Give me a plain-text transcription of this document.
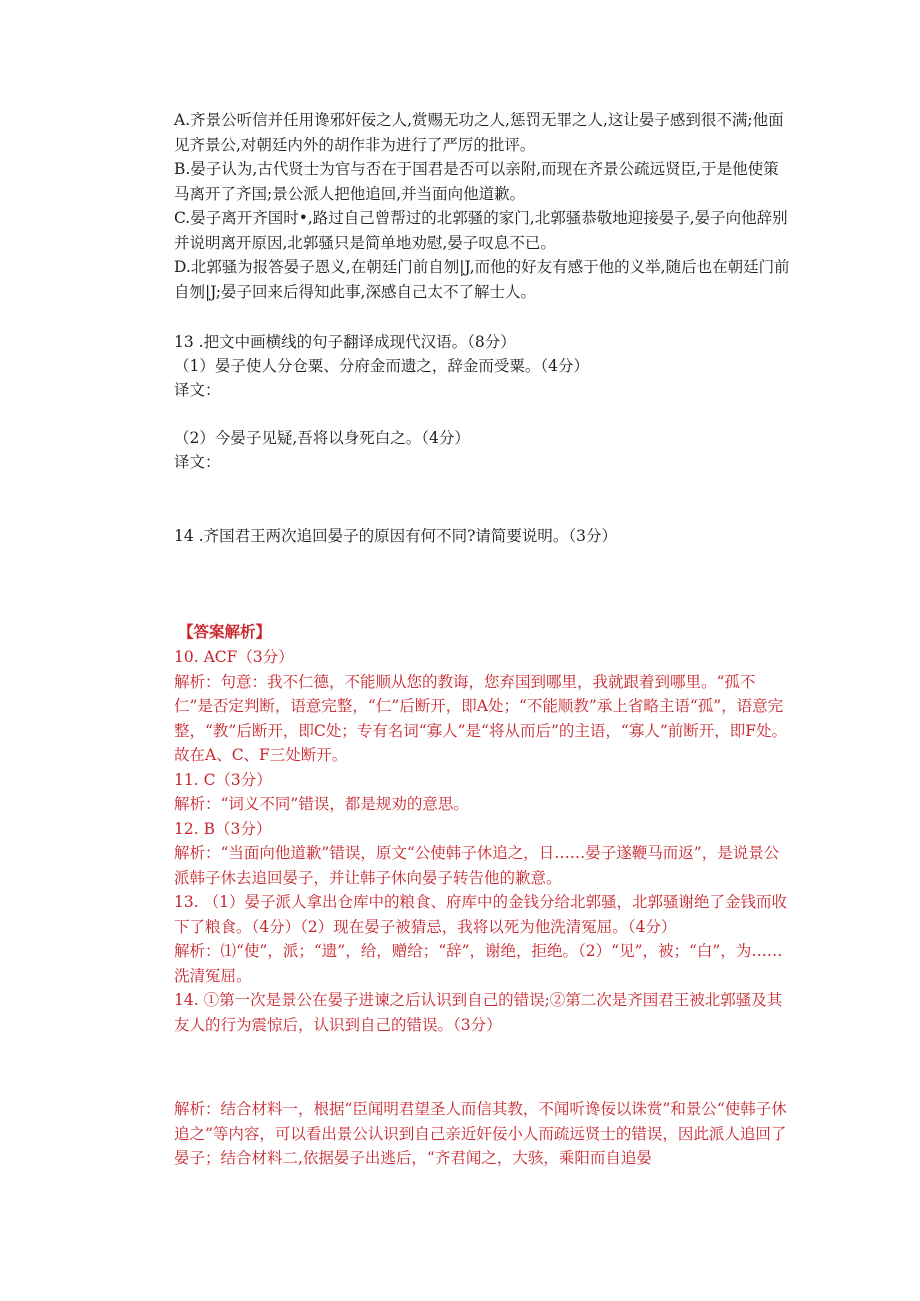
A.齐景公听信并任用谗邪奸佞之人,赏赐无功之人,惩罚无罪之人,这让晏子感到很不满;他面见齐景公,对朝廷内外的胡作非为进行了严厉的批评。

B.晏子认为,古代贤士为官与否在于国君是否可以亲附,而现在齐景公疏远贤臣,于是他使策马离开了齐国;景公派人把他追回,并当面向他道歉。

C.晏子离开齐国时•,路过自己曾帮过的北郭骚的家门,北郭骚恭敬地迎接晏子,晏子向他辞别并说明离开原因,北郭骚只是简单地劝慰,晏子叹息不已。

D.北郭骚为报答晏子恩义,在朝廷门前自刎|J,而他的好友有感于他的义举,随后也在朝廷门前自刎|J;晏子回来后得知此事,深感自己太不了解士人。

13 .把文中画横线的句子翻译成现代汉语。（8分）
（1）晏子使人分仓粟、分府金而遗之，辞金而受粟。（4分）
译文：
（2）今晏子见疑,吾将以身死白之。（4分）
译文：
14 .齐国君王两次追回晏子的原因有何不同?请简要说明。（3分）
【答案解析】

10. ACF（3分）

解析：句意：我不仁德，不能顺从您的教诲，您弃国到哪里，我就跟着到哪里。“孤不仁”是否定判断，语意完整，“仁”后断开，即A处；“不能顺教”承上省略主语“孤”，语意完整，“教”后断开，即C处；专有名词“寡人”是“将从而后”的主语，“寡人”前断开，即F处。故在A、C、F三处断开。

11. C（3分）

解析：“词义不同”错误，都是规劝的意思。

12. B（3分）

解析：“当面向他道歉”错误，原文“公使韩子休追之，日……晏子遂鞭马而返”，是说景公派韩子休去追回晏子，并让韩子休向晏子转告他的歉意。

13. （1）晏子派人拿出仓库中的粮食、府库中的金钱分给北郭骚，北郭骚谢绝了金钱而收下了粮食。（4分）（2）现在晏子被猜忌，我将以死为他洗清冤屈。（4分）

解析：⑴“使”，派；“遗”，给，赠给；“辞”，谢绝，拒绝。（2）“见”，被；“白”，为……洗清冤屈。

14. ①第一次是景公在晏子进谏之后认识到自己的错误;②第二次是齐国君王被北郭骚及其友人的行为震惊后，认识到自己的错误。（3分）

解析：结合材料一，根据“臣闻明君望圣人而信其教，不闻听谗佞以诛赏”和景公“使韩子休追之”等内容，可以看出景公认识到自己亲近奸佞小人而疏远贤士的错误，因此派人追回了晏子；结合材料二,依据晏子出逃后，“齐君闻之，大骇，乘阳而自追晏
